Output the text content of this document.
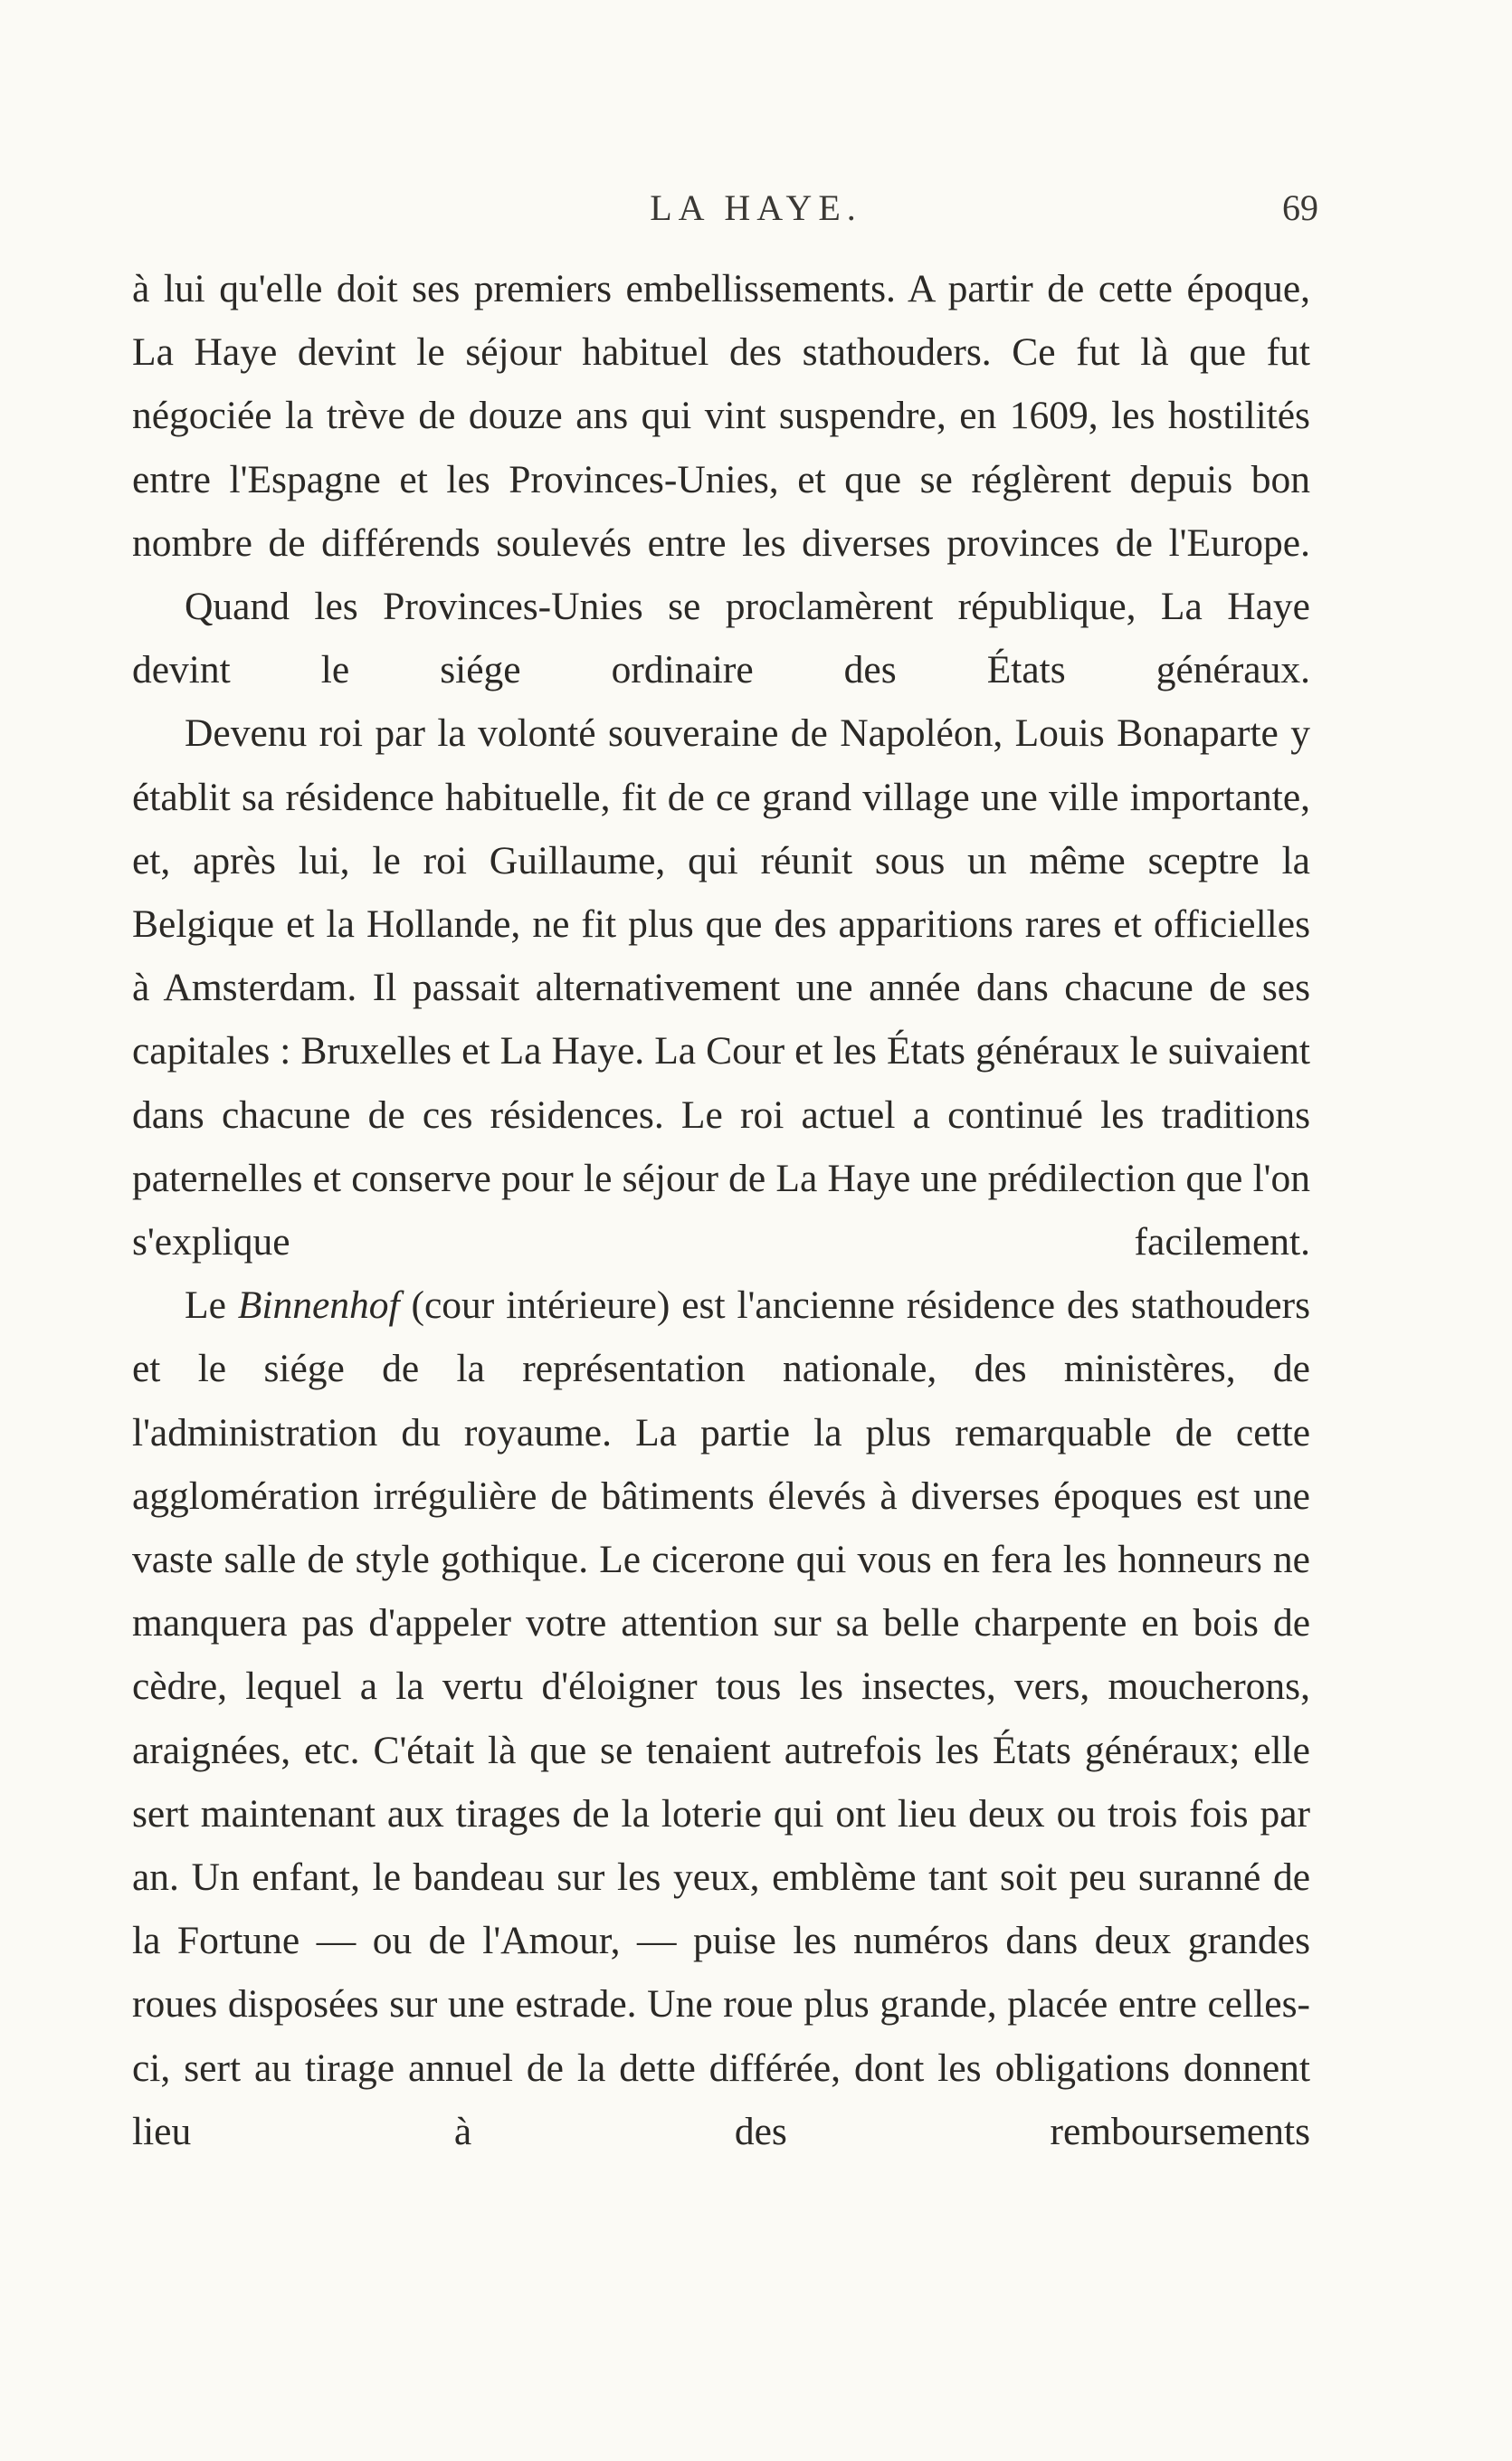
LA HAYE.	69

à lui qu'elle doit ses premiers embellissements. A partir de cette époque, La Haye devint le séjour habituel des stathouders. Ce fut là que fut négociée la trève de douze ans qui vint suspendre, en 1609, les hostilités entre l'Espagne et les Provinces-Unies, et que se réglèrent depuis bon nombre de différends soulevés entre les diverses provinces de l'Europe.

Quand les Provinces-Unies se proclamèrent république, La Haye devint le siége ordinaire des États généraux.

Devenu roi par la volonté souveraine de Napoléon, Louis Bonaparte y établit sa résidence habituelle, fit de ce grand village une ville importante, et, après lui, le roi Guillaume, qui réunit sous un même sceptre la Belgique et la Hollande, ne fit plus que des apparitions rares et officielles à Amsterdam. Il passait alternativement une année dans chacune de ses capitales : Bruxelles et La Haye. La Cour et les États généraux le suivaient dans chacune de ces résidences. Le roi actuel a continué les traditions paternelles et conserve pour le séjour de La Haye une prédilection que l'on s'explique facilement.

Le Binnenhof (cour intérieure) est l'ancienne résidence des stathouders et le siége de la représentation nationale, des ministères, de l'administration du royaume. La partie la plus remarquable de cette agglomération irrégulière de bâtiments élevés à diverses époques est une vaste salle de style gothique. Le cicerone qui vous en fera les honneurs ne manquera pas d'appeler votre attention sur sa belle charpente en bois de cèdre, lequel a la vertu d'éloigner tous les insectes, vers, moucherons, araignées, etc. C'était là que se tenaient autrefois les États généraux; elle sert maintenant aux tirages de la loterie qui ont lieu deux ou trois fois par an. Un enfant, le bandeau sur les yeux, emblème tant soit peu suranné de la Fortune — ou de l'Amour, — puise les numéros dans deux grandes roues disposées sur une estrade. Une roue plus grande, placée entre celles-ci, sert au tirage annuel de la dette différée, dont les obligations donnent lieu à des remboursements
